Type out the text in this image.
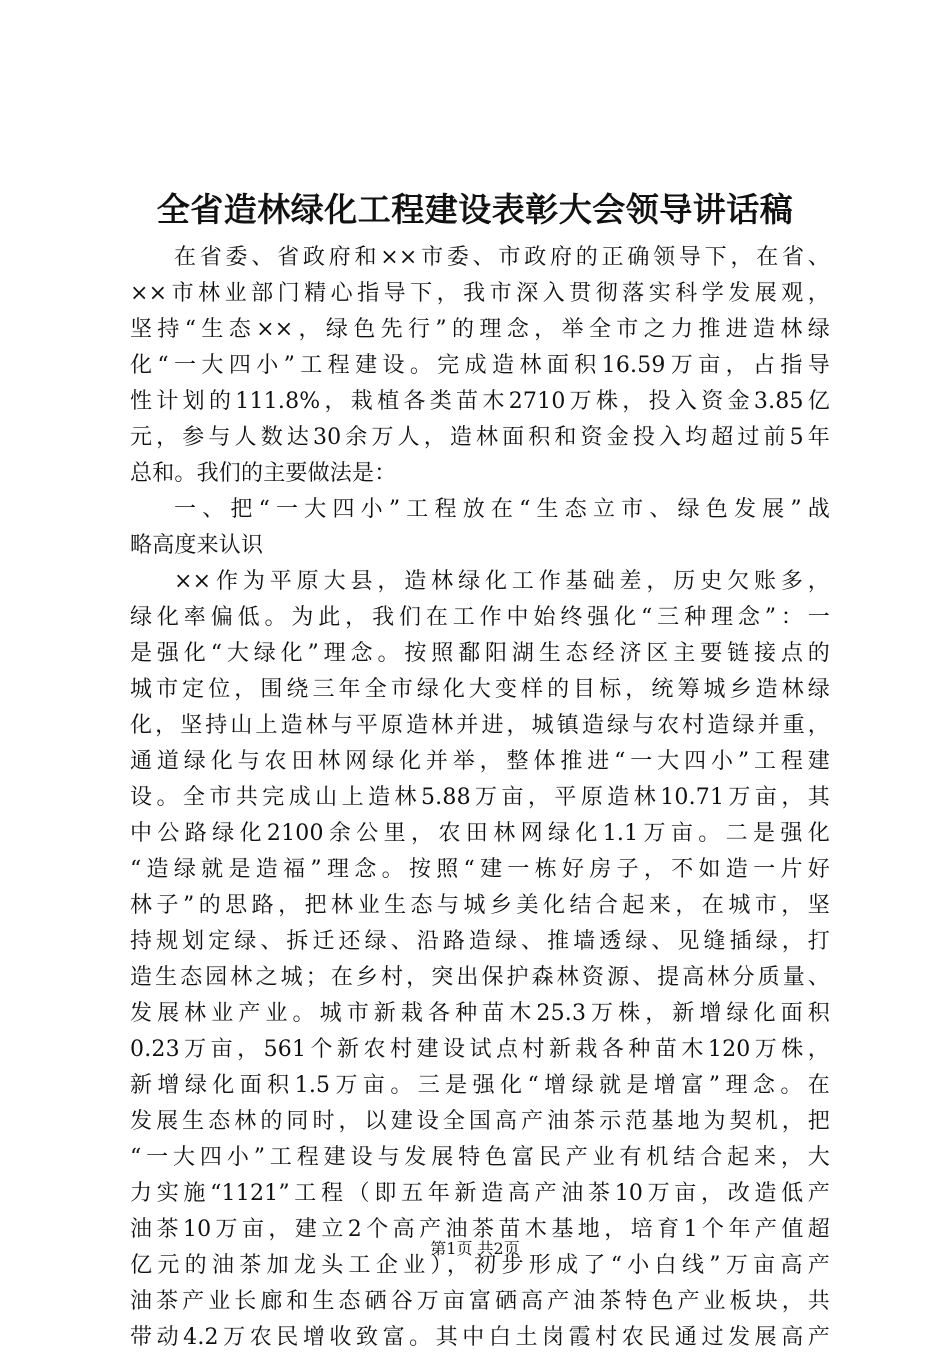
全省造林绿化工程建设表彰大会领导讲话稿
在省委、省政府和××市委、市政府的正确领导下，在省、
××市林业部门精心指导下，我市深入贯彻落实科学发展观，
坚持“生态××，绿色先行”的理念，举全市之力推进造林绿
化“一大四小”工程建设。完成造林面积16.59万亩，占指导
性计划的111.8%，栽植各类苗木2710万株，投入资金3.85亿
元，参与人数达30余万人，造林面积和资金投入均超过前5年
总和。我们的主要做法是：
一、把“一大四小”工程放在“生态立市、绿色发展”战
略高度来认识
××作为平原大县，造林绿化工作基础差，历史欠账多，
绿化率偏低。为此，我们在工作中始终强化“三种理念”：一
是强化“大绿化”理念。按照鄱阳湖生态经济区主要链接点的
城市定位，围绕三年全市绿化大变样的目标，统筹城乡造林绿
化，坚持山上造林与平原造林并进，城镇造绿与农村造绿并重，
通道绿化与农田林网绿化并举，整体推进“一大四小”工程建
设。全市共完成山上造林5.88万亩，平原造林10.71万亩，其
中公路绿化2100余公里，农田林网绿化1.1万亩。二是强化
“造绿就是造福”理念。按照“建一栋好房子，不如造一片好
林子”的思路，把林业生态与城乡美化结合起来，在城市，坚
持规划定绿、拆迁还绿、沿路造绿、推墙透绿、见缝插绿，打
造生态园林之城；在乡村，突出保护森林资源、提高林分质量、
发展林业产业。城市新栽各种苗木25.3万株，新增绿化面积
0.23万亩，561个新农村建设试点村新栽各种苗木120万株，
新增绿化面积1.5万亩。三是强化“增绿就是增富”理念。在
发展生态林的同时，以建设全国高产油茶示范基地为契机，把
“一大四小”工程建设与发展特色富民产业有机结合起来，大
力实施“1121”工程（即五年新造高产油茶10万亩，改造低产
油茶10万亩，建立2个高产油茶苗木基地，培育1个年产值超
亿元的油茶加龙头工企业），初步形成了“小白线”万亩高产
油茶产业长廊和生态硒谷万亩富硒高产油茶特色产业板块，共
带动4.2万农民增收致富。其中白土岗霞村农民通过发展高产
第1页 共2页
